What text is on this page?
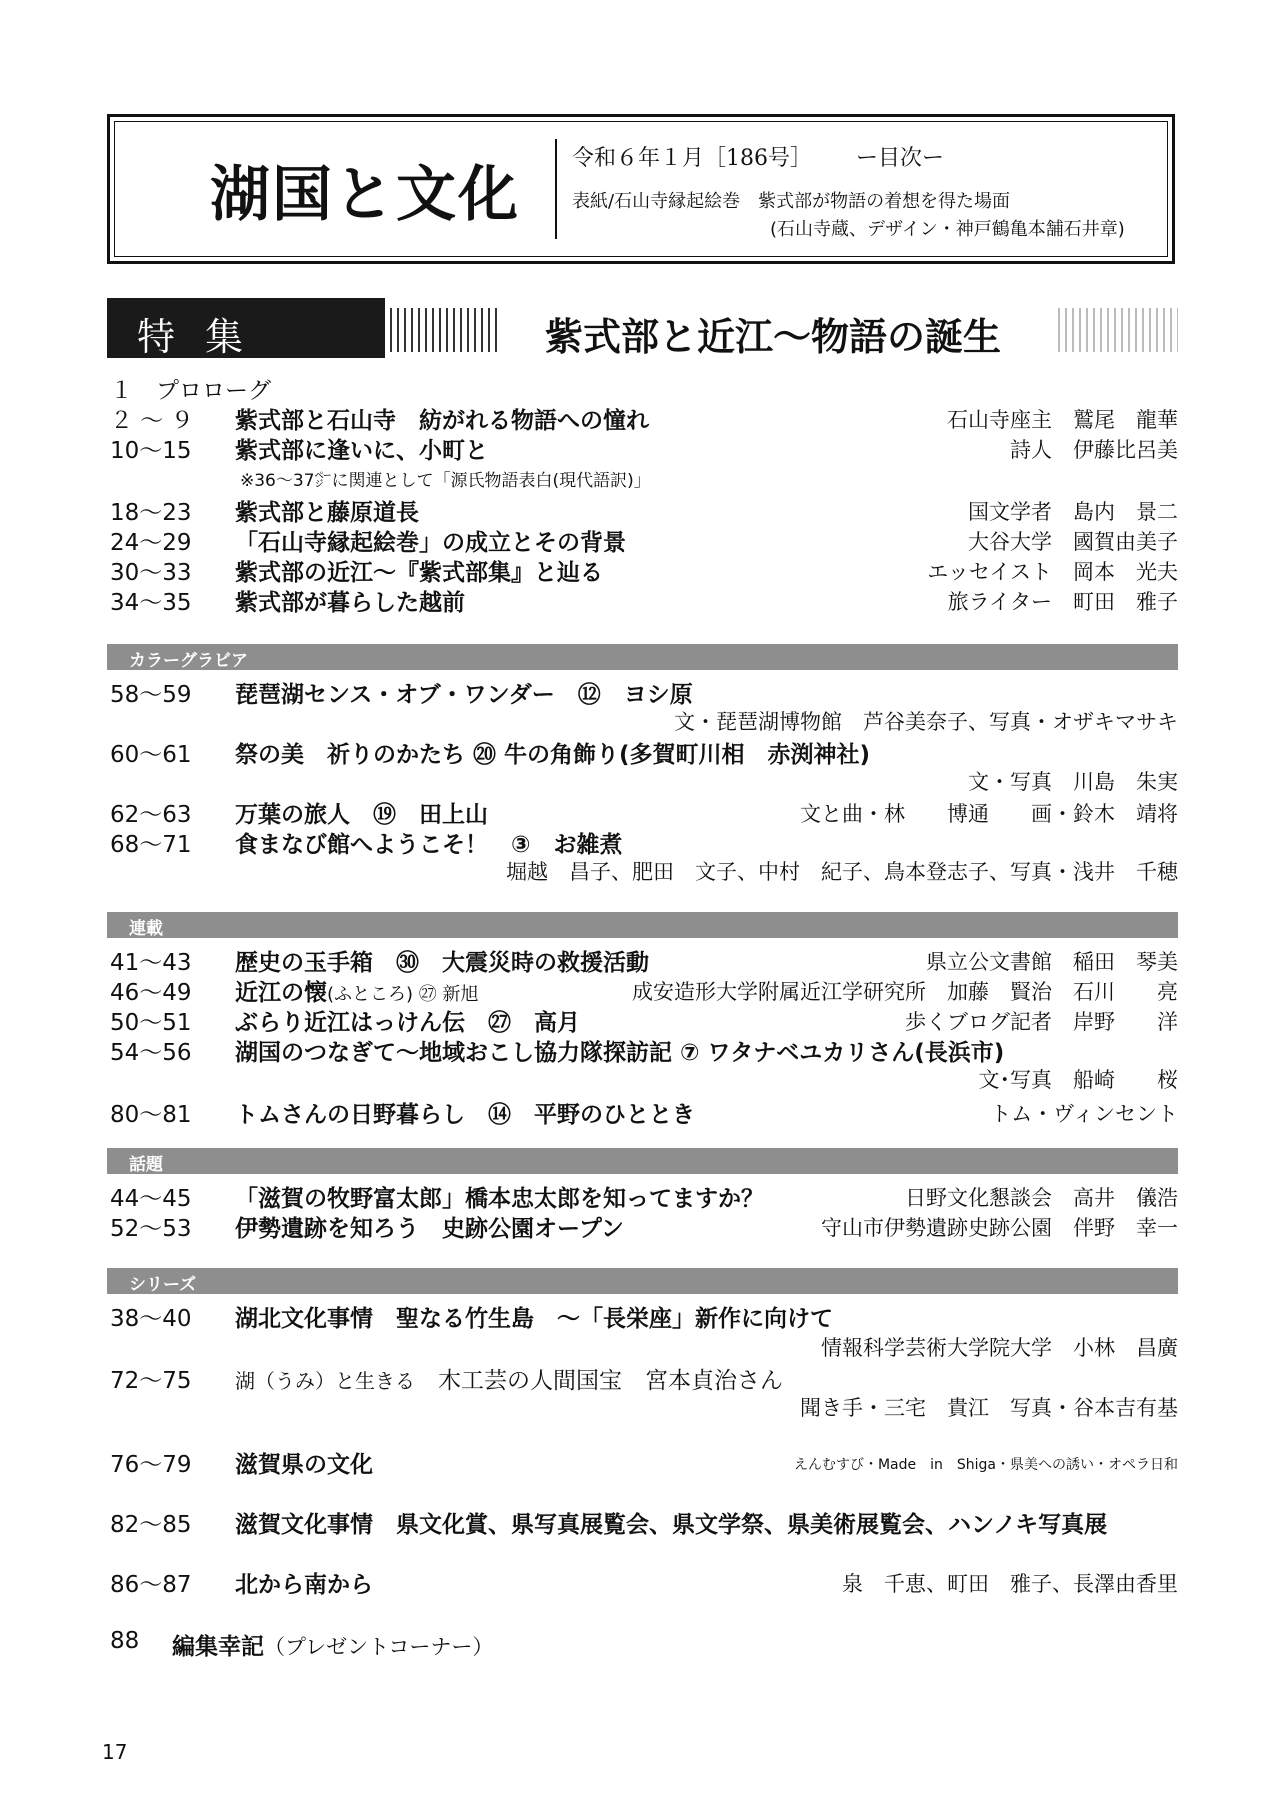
湖国と文化
令和６年１月［186号］ ー目次ー
表紙/石山寺縁起絵巻　紫式部が物語の着想を得た場面
(石山寺蔵、デザイン・神戸鶴亀本舗石井章)
特集	紫式部と近江～物語の誕生
１　プロローグ
２ ～ ９ 紫式部と石山寺　紡がれる物語への憧れ	石山寺座主　鷲尾　龍華
10～15 紫式部に逢いに、小町と	詩人　伊藤比呂美
※36～37㌻に関連として「源氏物語表白(現代語訳)」
18～23 紫式部と藤原道長	国文学者　島内　景二
24～29 「石山寺縁起絵巻」の成立とその背景	大谷大学　國賀由美子
30～33 紫式部の近江～『紫式部集』と辿る	エッセイスト　岡本　光夫
34～35 紫式部が暮らした越前	旅ライター　町田　雅子
カラーグラビア
58～59 琵琶湖センス・オブ・ワンダー　⑫　ヨシ原
文・琵琶湖博物館　芦谷美奈子、写真・オザキマサキ
60～61 祭の美　祈りのかたち ⑳ 牛の角飾り(多賀町川相　赤渕神社)
文・写真　川島　朱実
62～63 万葉の旅人　⑲　田上山	文と曲・林　　博通　　画・鈴木　靖将
68～71 食まなび館へようこそ！　③　お雑煮
堀越　昌子、肥田　文子、中村　紀子、鳥本登志子、写真・浅井　千穂
連載
41～43 歴史の玉手箱　㉚　大震災時の救援活動	県立公文書館　稲田　琴美
46～49 近江の懐(ふところ) ㉗ 新旭	成安造形大学附属近江学研究所　加藤　賢治　石川　　亮
50～51 ぶらり近江はっけん伝　㉗　高月	歩くブログ記者　岸野　　洋
54～56 湖国のつなぎて～地域おこし協力隊探訪記 ⑦ ワタナベユカリさん(長浜市)
文･写真　船崎　　桜
80～81 トムさんの日野暮らし　⑭　平野のひととき	トム・ヴィンセント
話題
44～45 「滋賀の牧野富太郎」橋本忠太郎を知ってますか？	日野文化懇談会　高井　儀浩
52～53 伊勢遺跡を知ろう　史跡公園オープン	守山市伊勢遺跡史跡公園　伴野　幸一
シリーズ
38～40 湖北文化事情　聖なる竹生島　～「長栄座」新作に向けて
情報科学芸術大学院大学　小林　昌廣
72～75 湖（うみ）と生きる　木工芸の人間国宝　宮本貞治さん
聞き手・三宅　貴江　写真・谷本吉有基
76～79 滋賀県の文化	えんむすび・Made　in　Shiga・県美への誘い・オペラ日和
82～85 滋賀文化事情　県文化賞、県写真展覧会、県文学祭、県美術展覧会、ハンノキ写真展
86～87 北から南から	泉　千恵、町田　雅子、長澤由香里
88 編集幸記（プレゼントコーナー）
17
